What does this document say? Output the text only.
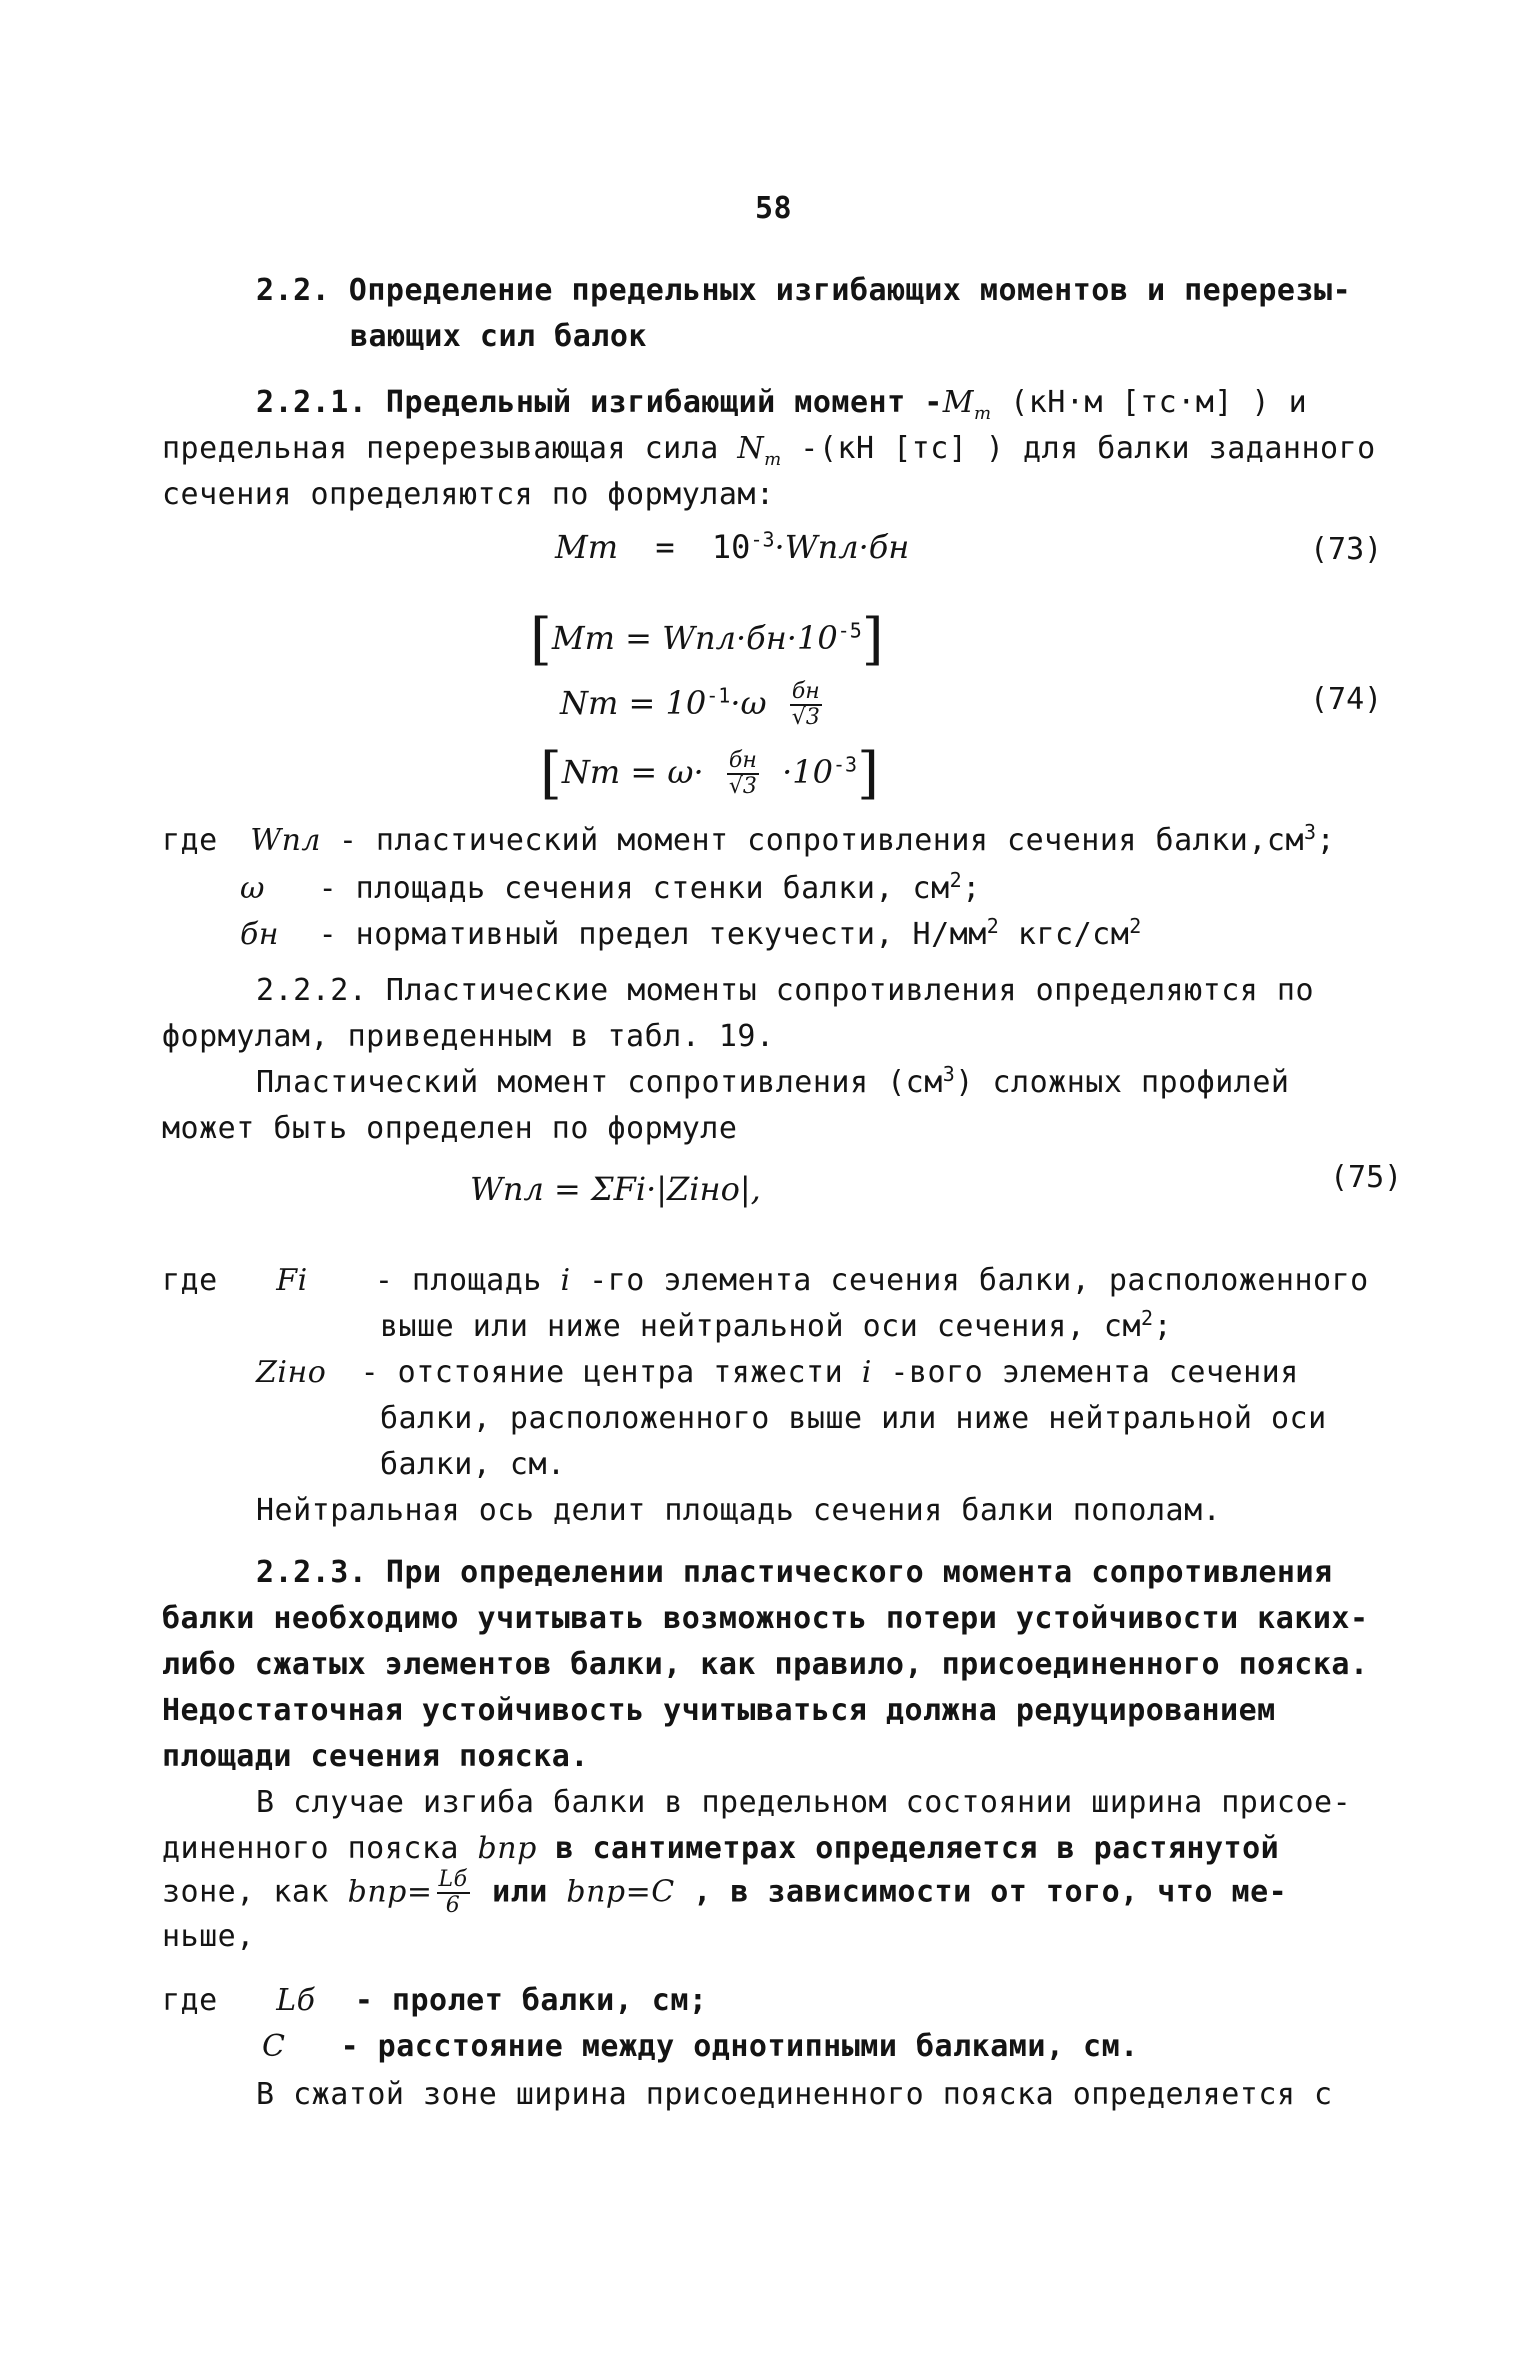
58
2.2. Определение предельных изгибающих моментов и перерезы-
вающих сил балок
2.2.1. Предельный изгибающий момент $-M_т$ (кН·м [тс·м] ) и
предельная перерезывающая сила $N_т$ -(кН [тс] ) для балки заданного
сечения определяются по формулам:
Mт = $10^{-3}\cdot Wпл\cdot бн$	(73)
$[Mт = Wпл\cdot бн\cdot 10^{-5}]$
Nт = $10^{-1}\cdot\omega \frac{бн}{√3}$	(74)
$[Nт = \omega\cdot \frac{бн}{√3} \cdot 10^{-3}]$
где Wпл - пластический момент сопротивления сечения $балки,см^3$;
ω - площадь сечения стенки балки, $см^2$;
бн - нормативный предел текучести, $Н/мм^2$ кгс/$см^2$
2.2.2. Пластические моменты сопротивления определяются по
формулам, приведенным в табл. 19.
Пластический момент сопротивления $(см^3)$ сложных профилей
может быть определен по формуле
Wпл = ΣFi·|Ziно|,	(75)
где Fi - площадь i -го элемента сечения балки, расположенного
выше или ниже нейтральной оси сечения, $см^2$;
Ziно - отстояние центра тяжести i -вого элемента сечения
балки, расположенного выше или ниже нейтральной оси
балки, см.
Нейтральная ось делит площадь сечения балки пополам.
2.2.3. При определении пластического момента сопротивления
балки необходимо учитывать возможность потери устойчивости каких-
либо сжатых элементов балки, как правило, присоединенного пояска.
Недостаточная устойчивость учитываться должна редуцированием
площади сечения пояска.
В случае изгиба балки в предельном состоянии ширина присое-
диненного пояска bпр в сантиметрах определяется в растянутой
зоне, как $bпр= \frac{Lб}{6}$ или bпр=C , в зависимости от того, что ме-
ньше,
где Lб - пролет балки, см;
C - расстояние между однотипными балками, см.
В сжатой зоне ширина присоединенного пояска определяется с
